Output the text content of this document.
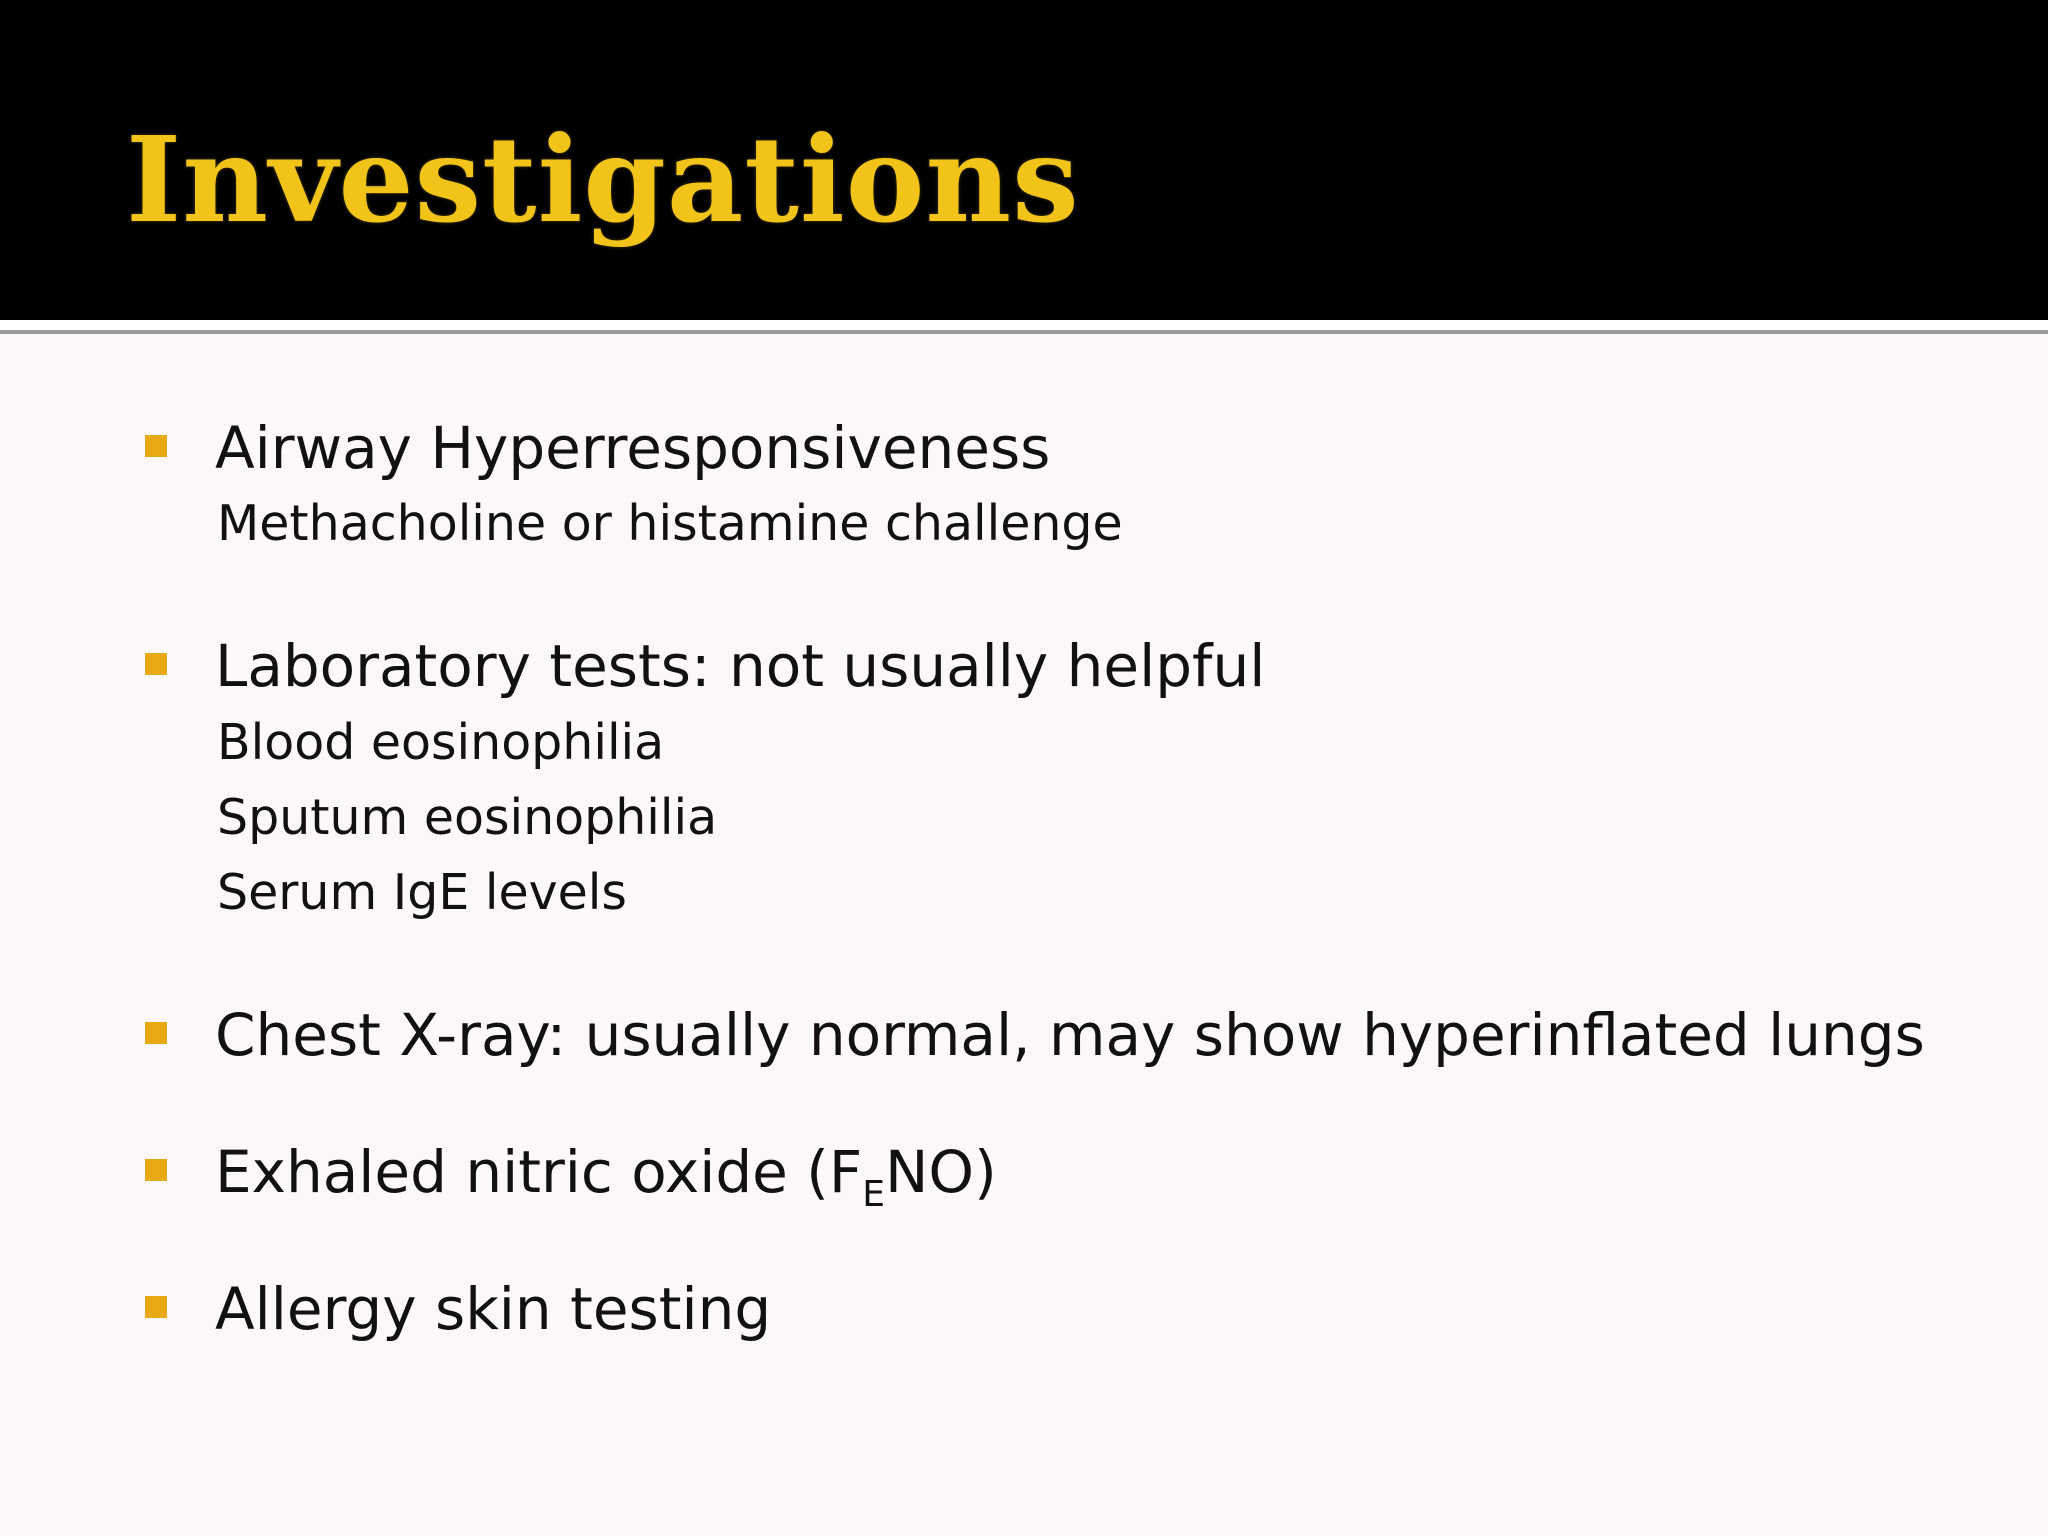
Investigations
Airway Hyperresponsiveness
Methacholine or histamine challenge
Laboratory tests: not usually helpful
Blood eosinophilia
Sputum eosinophilia
Serum IgE levels
Chest X-ray: usually normal, may show hyperinflated lungs
Exhaled nitric oxide $(F_ENO)$
Allergy skin testing
